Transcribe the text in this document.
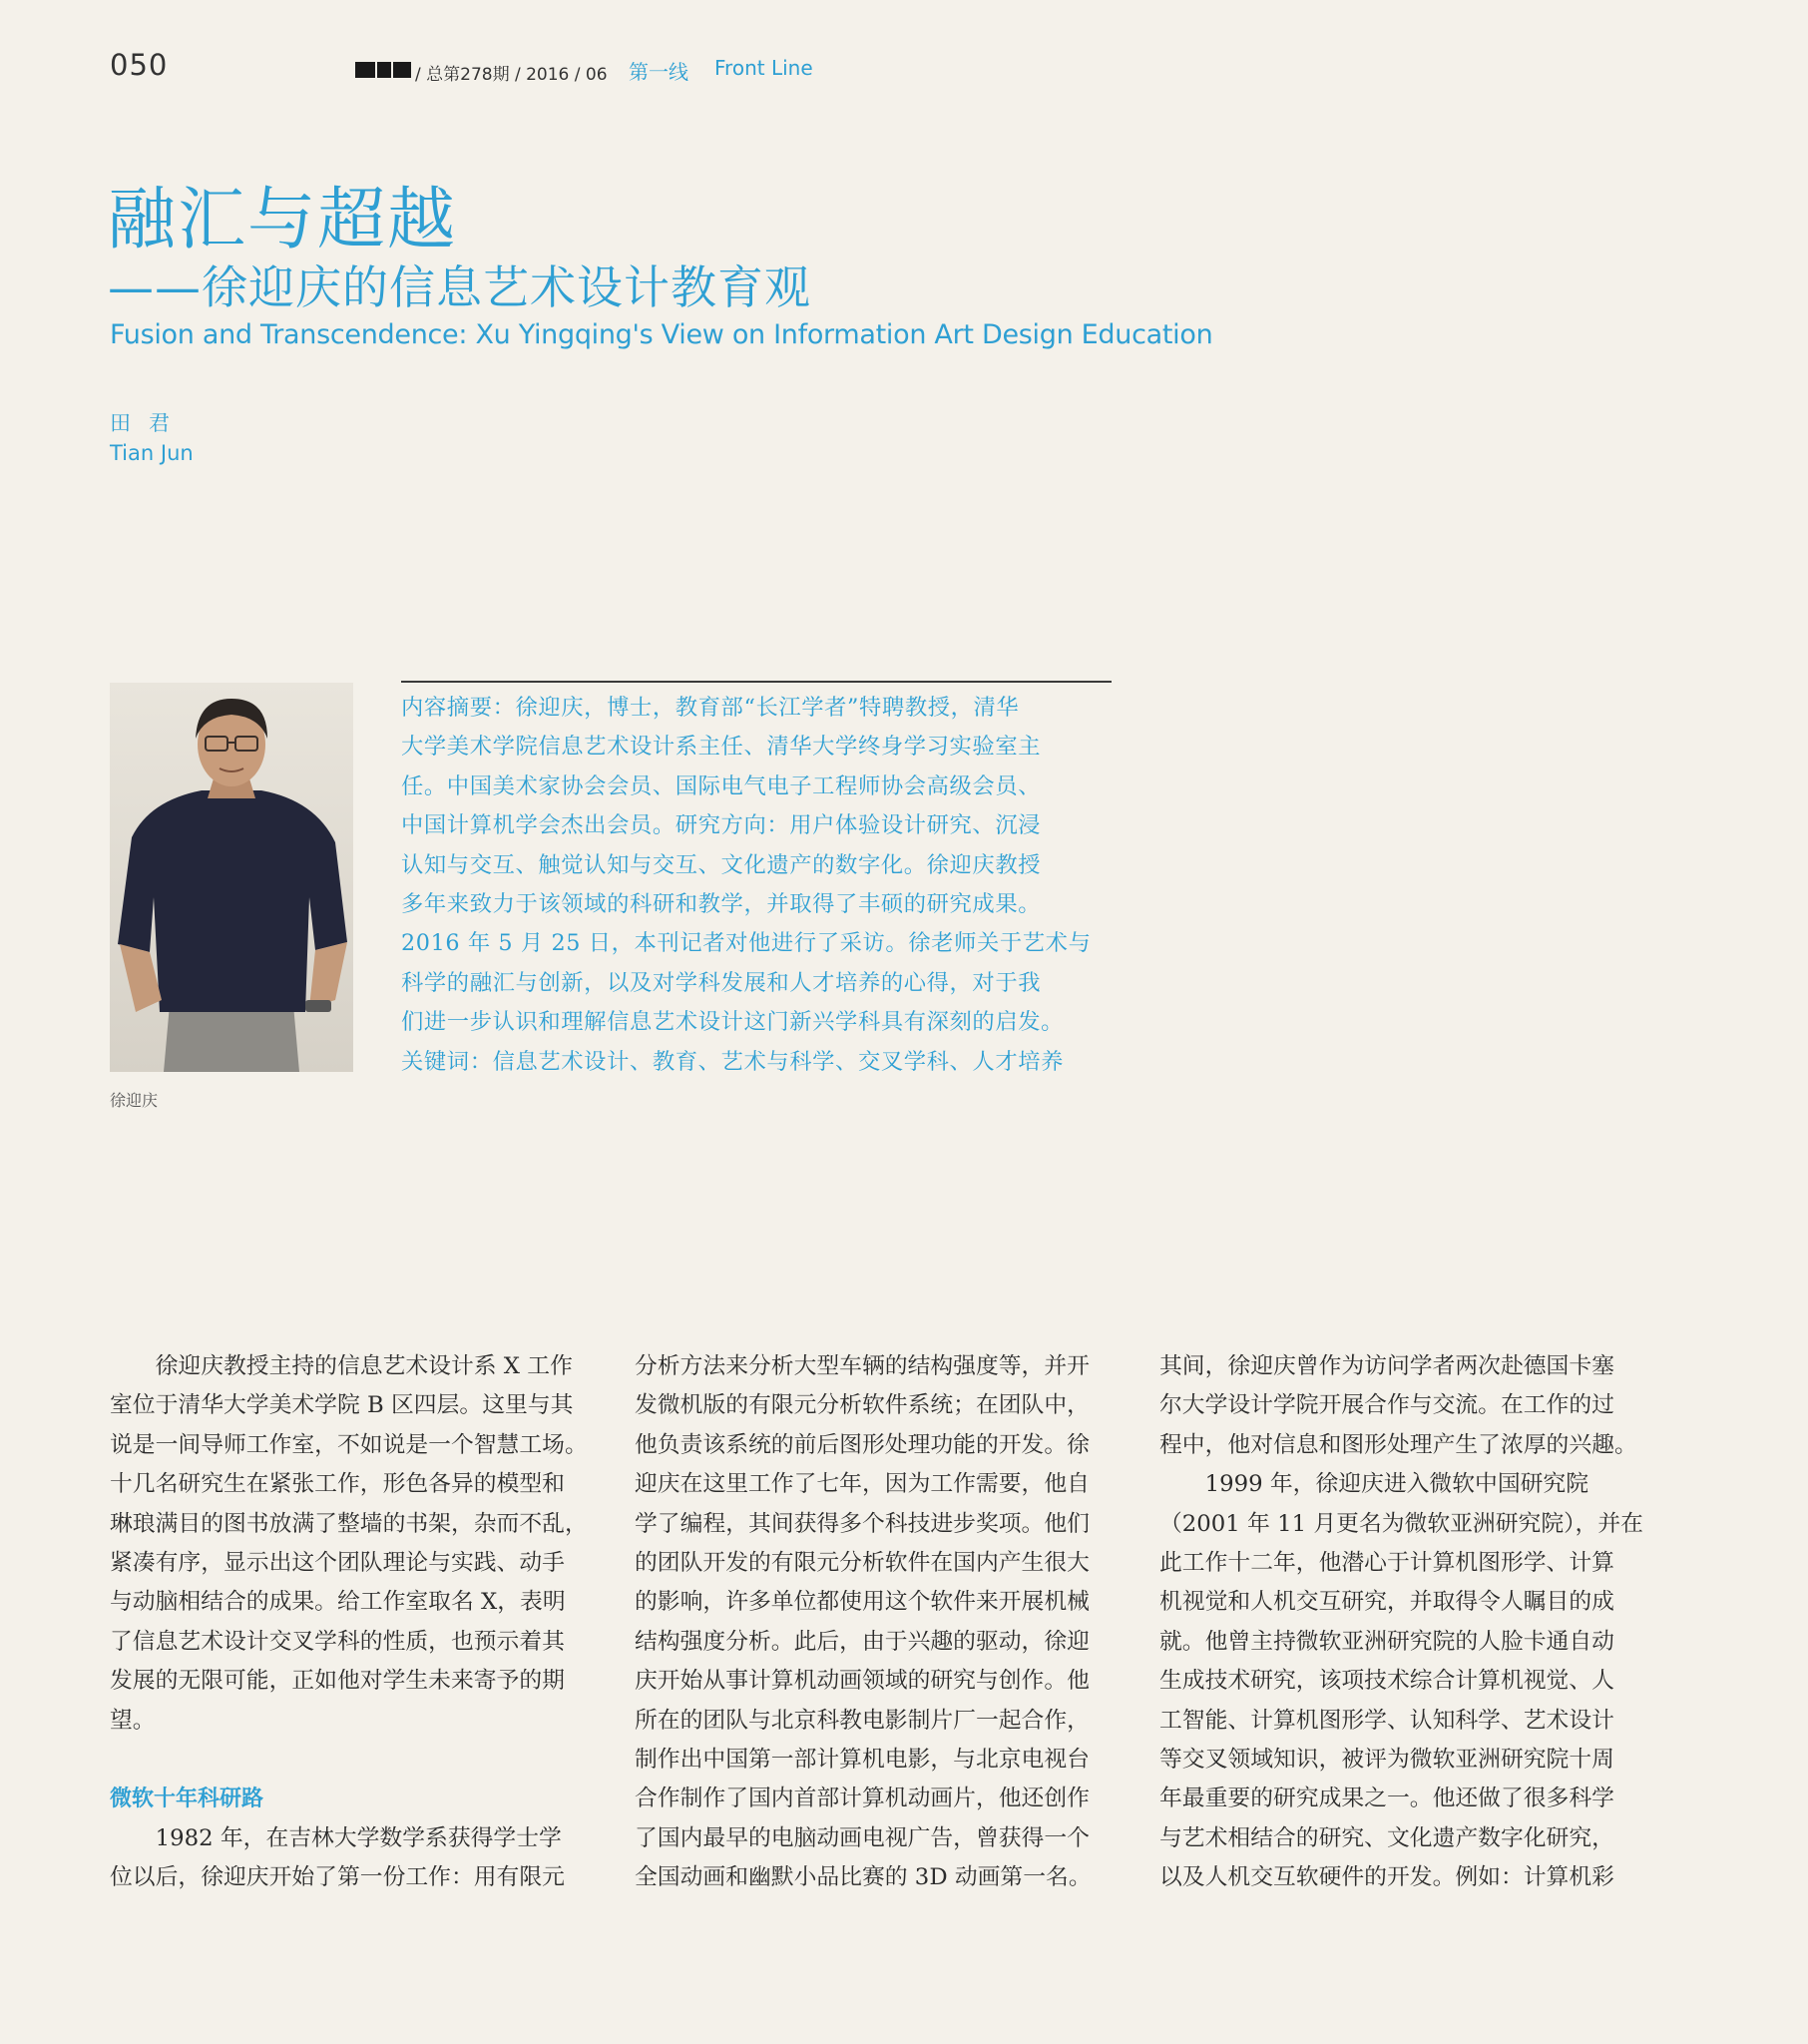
050	/ 总第278期 / 2016 / 06 第一线 Front Line
融汇与超越
——徐迎庆的信息艺术设计教育观
Fusion and Transcendence: Xu Yingqing's View on Information Art Design Education
田君
Tian Jun
徐迎庆
内容摘要：徐迎庆，博士，教育部“长江学者”特聘教授，清华
大学美术学院信息艺术设计系主任、清华大学终身学习实验室主
任。中国美术家协会会员、国际电气电子工程师协会高级会员、
中国计算机学会杰出会员。研究方向：用户体验设计研究、沉浸
认知与交互、触觉认知与交互、文化遗产的数字化。徐迎庆教授
多年来致力于该领域的科研和教学，并取得了丰硕的研究成果。
2016 年 5 月 25 日，本刊记者对他进行了采访。徐老师关于艺术与
科学的融汇与创新，以及对学科发展和人才培养的心得，对于我
们进一步认识和理解信息艺术设计这门新兴学科具有深刻的启发。
关键词：信息艺术设计、教育、艺术与科学、交叉学科、人才培养
　　徐迎庆教授主持的信息艺术设计系 X 工作
室位于清华大学美术学院 B 区四层。这里与其
说是一间导师工作室，不如说是一个智慧工场。
十几名研究生在紧张工作，形色各异的模型和
琳琅满目的图书放满了整墙的书架，杂而不乱，
紧凑有序，显示出这个团队理论与实践、动手
与动脑相结合的成果。给工作室取名 X，表明
了信息艺术设计交叉学科的性质，也预示着其
发展的无限可能，正如他对学生未来寄予的期
望。
微软十年科研路
　　1982 年，在吉林大学数学系获得学士学
位以后，徐迎庆开始了第一份工作：用有限元
分析方法来分析大型车辆的结构强度等，并开
发微机版的有限元分析软件系统；在团队中，
他负责该系统的前后图形处理功能的开发。徐
迎庆在这里工作了七年，因为工作需要，他自
学了编程，其间获得多个科技进步奖项。他们
的团队开发的有限元分析软件在国内产生很大
的影响，许多单位都使用这个软件来开展机械
结构强度分析。此后，由于兴趣的驱动，徐迎
庆开始从事计算机动画领域的研究与创作。他
所在的团队与北京科教电影制片厂一起合作，
制作出中国第一部计算机电影，与北京电视台
合作制作了国内首部计算机动画片，他还创作
了国内最早的电脑动画电视广告，曾获得一个
全国动画和幽默小品比赛的 3D 动画第一名。
其间，徐迎庆曾作为访问学者两次赴德国卡塞
尔大学设计学院开展合作与交流。在工作的过
程中，他对信息和图形处理产生了浓厚的兴趣。
　　1999 年，徐迎庆进入微软中国研究院
（2001 年 11 月更名为微软亚洲研究院），并在
此工作十二年，他潜心于计算机图形学、计算
机视觉和人机交互研究，并取得令人瞩目的成
就。他曾主持微软亚洲研究院的人脸卡通自动
生成技术研究，该项技术综合计算机视觉、人
工智能、计算机图形学、认知科学、艺术设计
等交叉领域知识，被评为微软亚洲研究院十周
年最重要的研究成果之一。他还做了很多科学
与艺术相结合的研究、文化遗产数字化研究，
以及人机交互软硬件的开发。例如：计算机彩
